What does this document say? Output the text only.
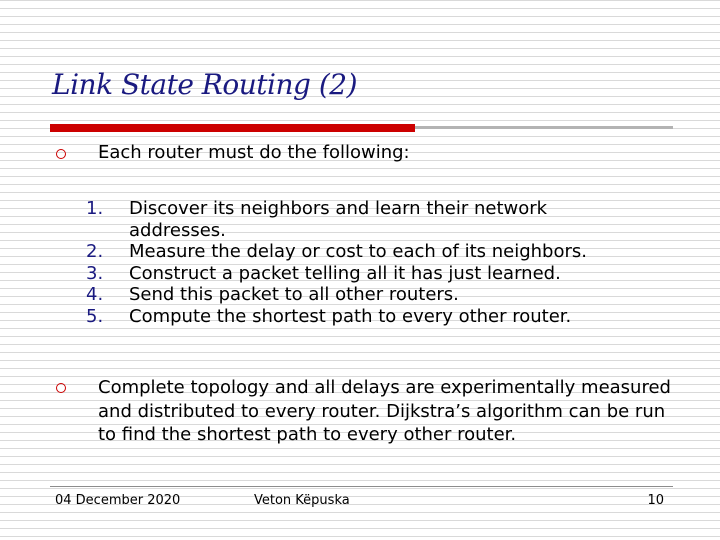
Link State Routing (2)
Each router must do the following:
1.	Discover its neighbors and learn their network addresses.
2.	Measure the delay or cost to each of its neighbors.
3.	Construct a packet telling all it has just learned.
4.	Send this packet to all other routers.
5.	Compute the shortest path to every other router.
Complete topology and all delays are experimentally measured and distributed to every router. Dijkstra’s algorithm can be run to find the shortest path to every other router.
04 December 2020	Veton Këpuska	10
